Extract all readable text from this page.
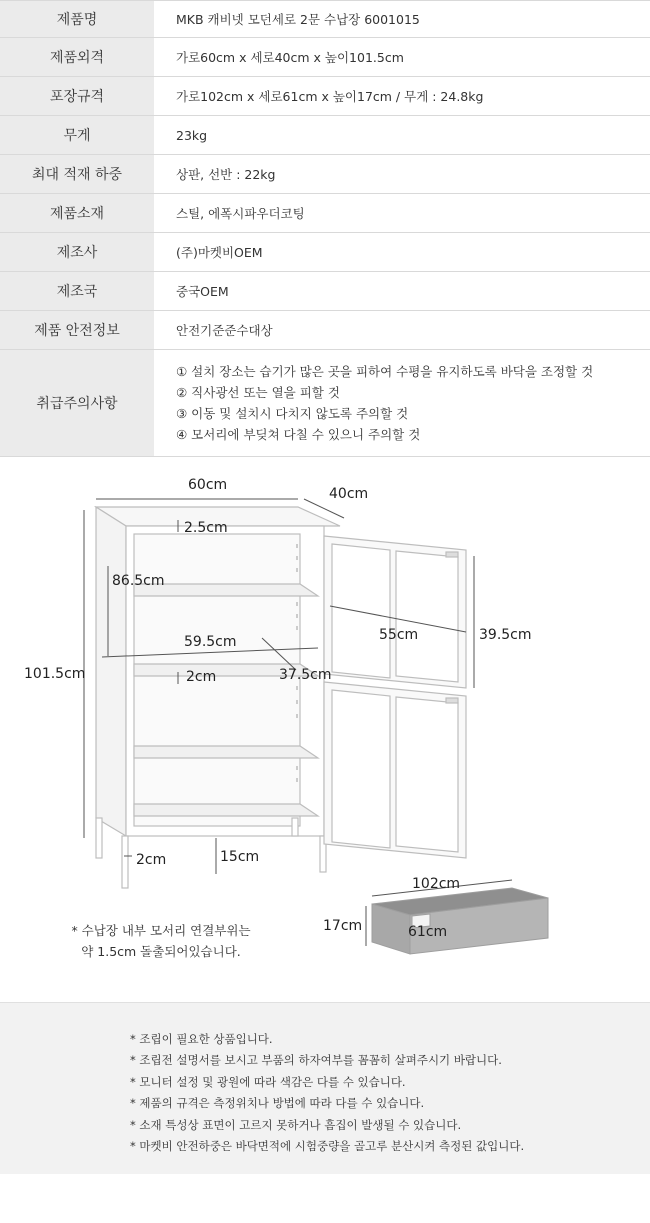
제품명	MKB 캐비넷 모던세로 2문 수납장 6001015
제품외격	가로60cm x 세로40cm x 높이101.5cm
포장규격	가로102cm x 세로61cm x 높이17cm / 무게 : 24.8kg
무게	23kg
최대 적재 하중	상판, 선반 : 22kg
제품소재	스틸, 에폭시파우더코팅
제조사	(주)마켓비OEM
제조국	중국OEM
제품 안전정보	안전기준준수대상
취급주의사항
① 설치 장소는 습기가 많은 곳을 피하여 수평을 유지하도록 바닥을 조정할 것
② 직사광선 또는 열을 피할 것
③ 이동 및 설치시 다치지 않도록 주의할 것
④ 모서리에 부딪쳐 다칠 수 있으니 주의할 것
60cm
40cm
2.5cm
86.5cm
101.5cm
59.5cm
37.5cm
2cm
55cm	39.5cm
2cm	15cm
102cm
17cm	61cm
* 수납장 내부 모서리 연결부위는
약 1.5cm 돌출되어있습니다.
* 조립이 필요한 상품입니다.
* 조립전 설명서를 보시고 부품의 하자여부를 꼼꼼히 살펴주시기 바랍니다.
* 모니터 설정 및 광원에 따라 색감은 다를 수 있습니다.
* 제품의 규격은 측정위치나 방법에 따라 다를 수 있습니다.
* 소재 특성상 표면이 고르지 못하거나 흠집이 발생될 수 있습니다.
* 마켓비 안전하중은 바닥면적에 시험중량을 골고루 분산시켜 측정된 값입니다.
